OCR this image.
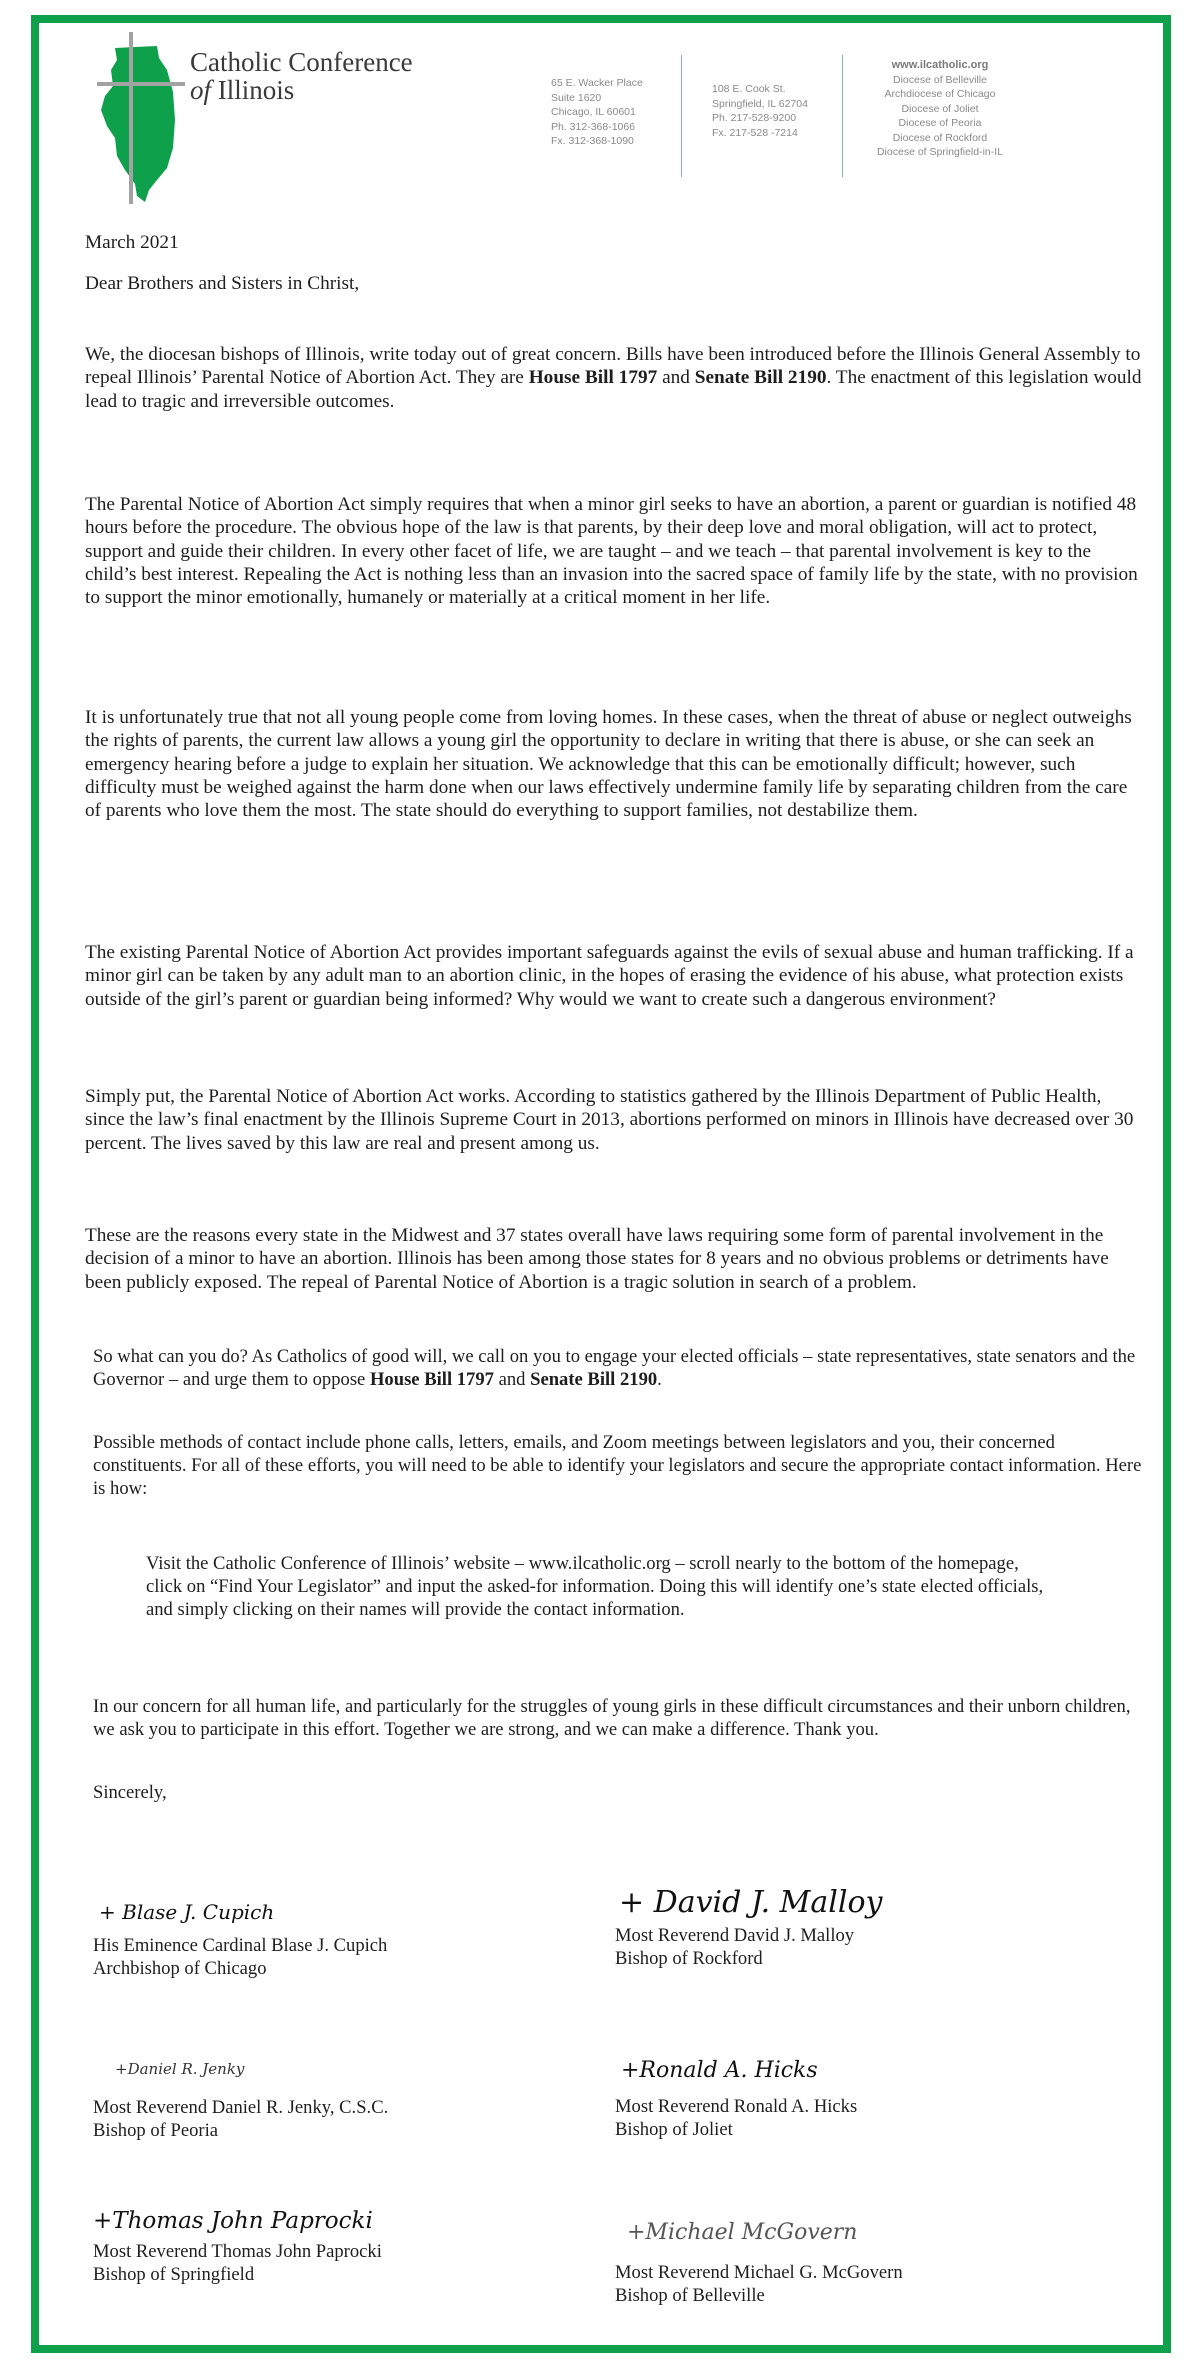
Catholic Conference
of Illinois	65 E. Wacker Place
Suite 1620
Chicago, IL 60601
Ph. 312-368-1066
Fx. 312-368-1090
108 E. Cook St.
Springfield, IL 62704
Ph. 217-528-9200
Fx. 217-528 -7214
www.ilcatholic.org
Diocese of Belleville
Archdiocese of Chicago
Diocese of Joliet
Diocese of Peoria
Diocese of Rockford
Diocese of Springfield-in-IL
March 2021
Dear Brothers and Sisters in Christ,

We, the diocesan bishops of Illinois, write today out of great concern. Bills have been introduced before the Illinois General Assembly to repeal Illinois’ Parental Notice of Abortion Act. They are House Bill 1797 and Senate Bill 2190. The enactment of this legislation would lead to tragic and irreversible outcomes.

The Parental Notice of Abortion Act simply requires that when a minor girl seeks to have an abortion, a parent or guardian is notified 48 hours before the procedure. The obvious hope of the law is that parents, by their deep love and moral obligation, will act to protect, support and guide their children. In every other facet of life, we are taught – and we teach – that parental involvement is key to the child’s best interest. Repealing the Act is nothing less than an invasion into the sacred space of family life by the state, with no provision to support the minor emotionally, humanely or materially at a critical moment in her life.

It is unfortunately true that not all young people come from loving homes. In these cases, when the threat of abuse or neglect outweighs the rights of parents, the current law allows a young girl the opportunity to declare in writing that there is abuse, or she can seek an emergency hearing before a judge to explain her situation. We acknowledge that this can be emotionally difficult; however, such difficulty must be weighed against the harm done when our laws effectively undermine family life by separating children from the care of parents who love them the most. The state should do everything to support families, not destabilize them.

The existing Parental Notice of Abortion Act provides important safeguards against the evils of sexual abuse and human trafficking. If a minor girl can be taken by any adult man to an abortion clinic, in the hopes of erasing the evidence of his abuse, what protection exists outside of the girl’s parent or guardian being informed? Why would we want to create such a dangerous environment?

Simply put, the Parental Notice of Abortion Act works. According to statistics gathered by the Illinois Department of Public Health, since the law’s final enactment by the Illinois Supreme Court in 2013, abortions performed on minors in Illinois have decreased over 30 percent. The lives saved by this law are real and present among us.

These are the reasons every state in the Midwest and 37 states overall have laws requiring some form of parental involvement in the decision of a minor to have an abortion. Illinois has been among those states for 8 years and no obvious problems or detriments have been publicly exposed. The repeal of Parental Notice of Abortion is a tragic solution in search of a problem.

So what can you do? As Catholics of good will, we call on you to engage your elected officials – state representatives, state senators and the Governor – and urge them to oppose House Bill 1797 and Senate Bill 2190.

Possible methods of contact include phone calls, letters, emails, and Zoom meetings between legislators and you, their concerned constituents. For all of these efforts, you will need to be able to identify your legislators and secure the appropriate contact information. Here is how:

Visit the Catholic Conference of Illinois’ website – www.ilcatholic.org – scroll nearly to the bottom of the homepage, click on “Find Your Legislator” and input the asked-for information. Doing this will identify one’s state elected officials, and simply clicking on their names will provide the contact information.

In our concern for all human life, and particularly for the struggles of young girls in these difficult circumstances and their unborn children, we ask you to participate in this effort. Together we are strong, and we can make a difference. Thank you.

Sincerely,
+ Blase J. Cupich
His Eminence Cardinal Blase J. Cupich
Archbishop of Chicago
+ David J. Malloy
Most Reverend David J. Malloy
Bishop of Rockford
+Daniel R. Jenky
Most Reverend Daniel R. Jenky, C.S.C.
Bishop of Peoria
+Ronald A. Hicks
Most Reverend Ronald A. Hicks
Bishop of Joliet
+Thomas John Paprocki
Most Reverend Thomas John Paprocki
Bishop of Springfield
+Michael McGovern
Most Reverend Michael G. McGovern
Bishop of Belleville
